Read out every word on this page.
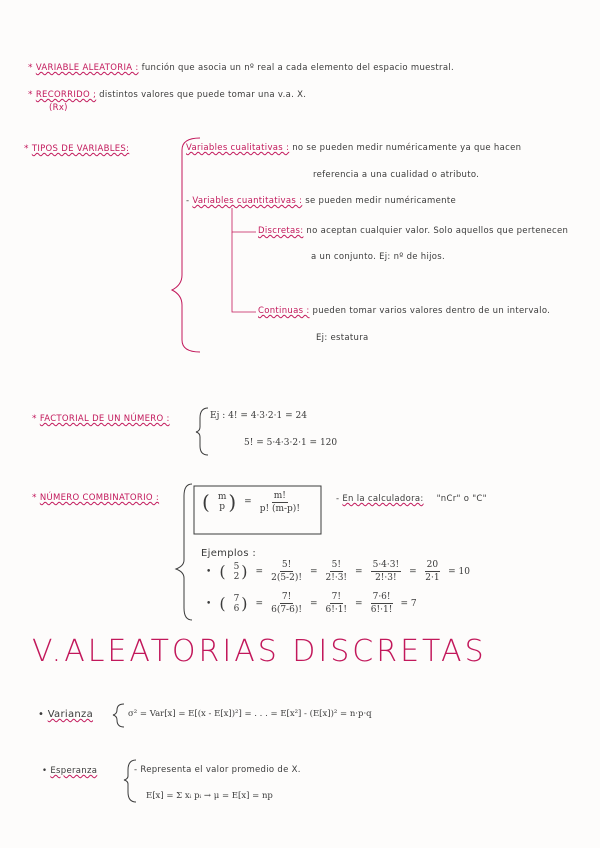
* VARIABLE ALEATORIA : función que asocia un nº real a cada elemento del espacio muestral.
* RECORRIDO ; distintos valores que puede tomar una v.a. X.
(Rx)
* TIPOS DE VARIABLES:	Variables cualitativas : no se pueden medir numéricamente ya que hacen
referencia a una cualidad o atributo.
- Variables cuantitativas : se pueden medir numéricamente
Discretas: no aceptan cualquier valor. Solo aquellos que pertenecen
a un conjunto. Ej: nº de hijos.
Continuas : pueden tomar varios valores dentro de un intervalo.
Ej: estatura
* FACTORIAL DE UN NÚMERO :	Ej : 4! = 4·3·2·1 = 24
5! = 5·4·3·2·1 = 120
* NÚMERO COMBINATORIO : ( m
p ) = $\frac{m!}{p! (m-p)!}$	- En la calculadora: "nCr" o "C"
Ejemplos :
• ( 5
2 ) = $\frac{5!}{2(5-2)!} = \frac{5!}{2!\cdot 3!} = \frac{5\cdot 4\cdot 3!}{2!\cdot 3!} = \frac{20}{2\cdot 1} = 10$
• ( 7
6 ) = $\frac{7!}{6(7-6)!} = \frac{7!}{6!\cdot 1!} = \frac{7\cdot 6!}{6!\cdot 1!} = 7$
V.ALEATORIAS DISCRETAS
• Varianza	σ² = Var[x] = E[(x - E[x])²] = . . . = E[x²] - (E[x])² = n·p·q
• Esperanza	- Representa el valor promedio de X.
E[x] = Σ xᵢ pᵢ → μ = E[x] = np
